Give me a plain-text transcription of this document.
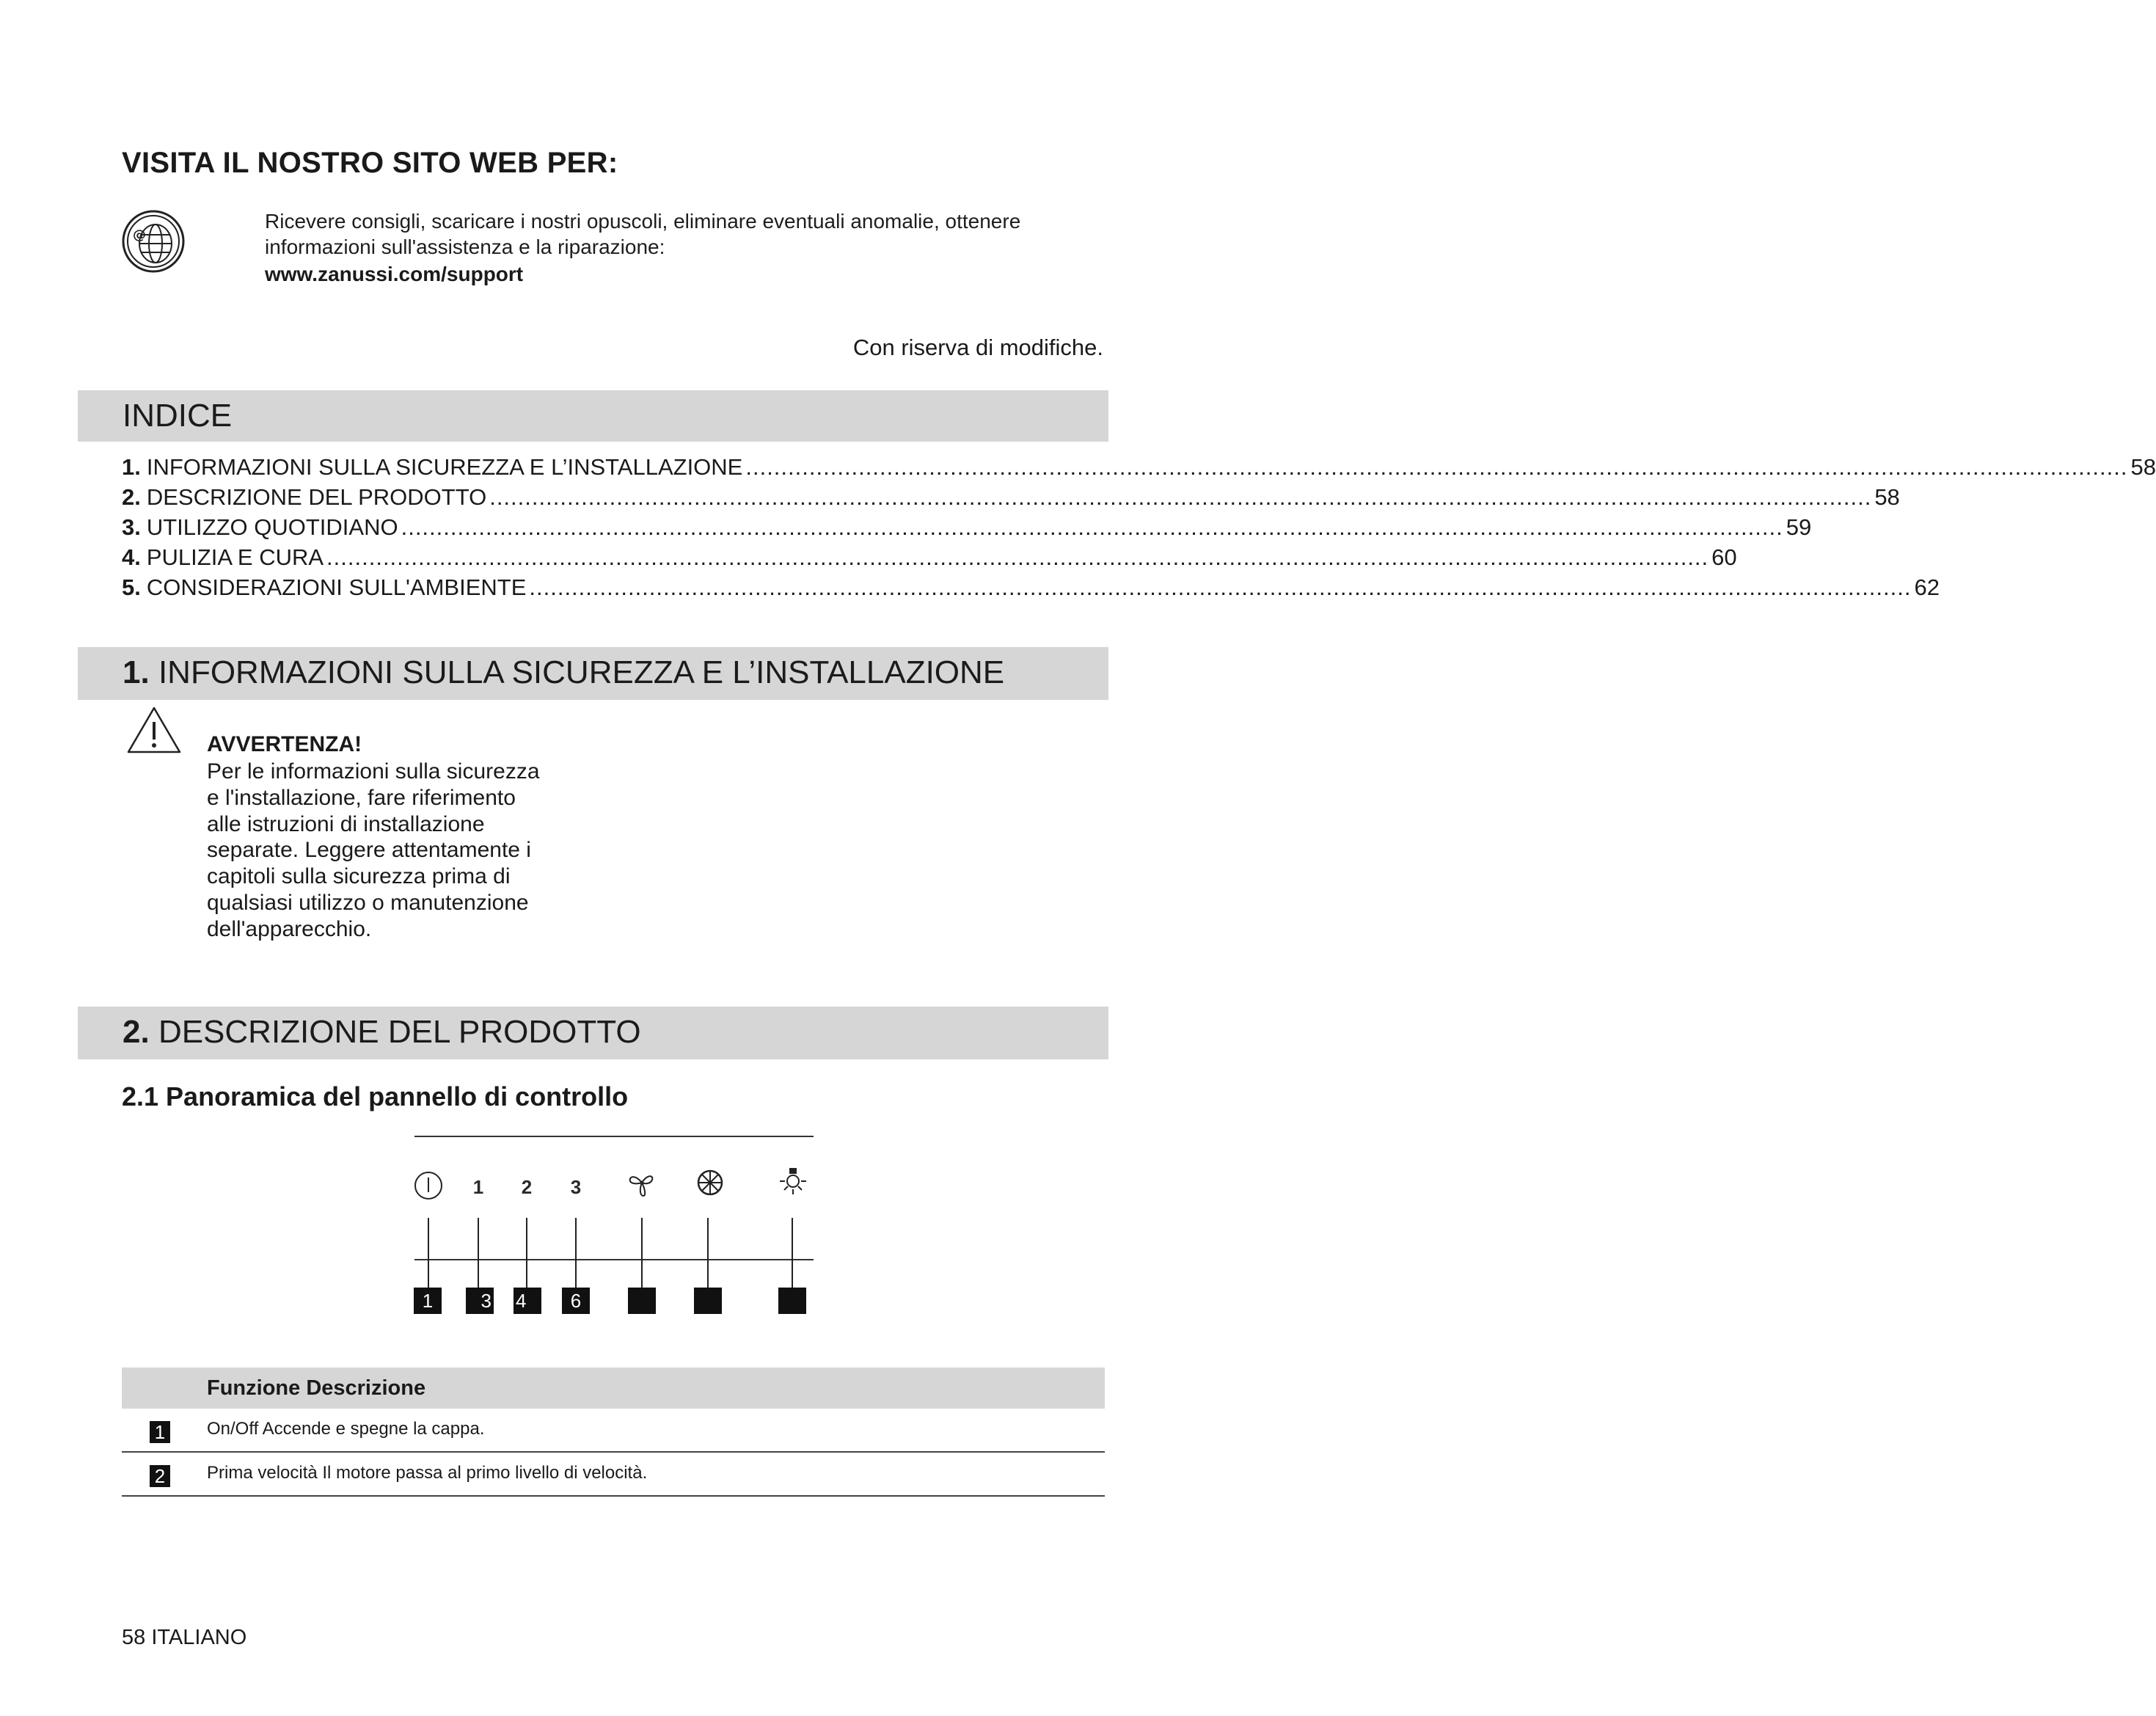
VISITA IL NOSTRO SITO WEB PER:
@
Ricevere consigli, scaricare i nostri opuscoli, eliminare eventuali anomalie, ottenere informazioni sull'assistenza e la riparazione:
www.zanussi.com/support
Con riserva di modifiche.
INDICE
1. INFORMAZIONI SULLA SICUREZZA E L’INSTALLAZIONE .................................................................................................................................................................................................... 58
2. DESCRIZIONE DEL PRODOTTO .................................................................................................................................................................................................... 58
3. UTILIZZO QUOTIDIANO .................................................................................................................................................................................................... 59
4. PULIZIA E CURA .................................................................................................................................................................................................... 60
5. CONSIDERAZIONI SULL'AMBIENTE .................................................................................................................................................................................................... 62
1. INFORMAZIONI SULLA SICUREZZA E L’INSTALLAZIONE
AVVERTENZA!
Per le informazioni sulla sicurezza e l'installazione, fare riferimento alle istruzioni di installazione separate. Leggere attentamente i capitoli sulla sicurezza prima di qualsiasi utilizzo o manutenzione dell'apparecchio.
2. DESCRIZIONE DEL PRODOTTO
2.1 Panoramica del pannello di controllo
1 2 3
1	3 4	6
Funzione Descrizione
1 On/Off Accende e spegne la cappa.
2 Prima velocità Il motore passa al primo livello di velocità.
58 ITALIANO
